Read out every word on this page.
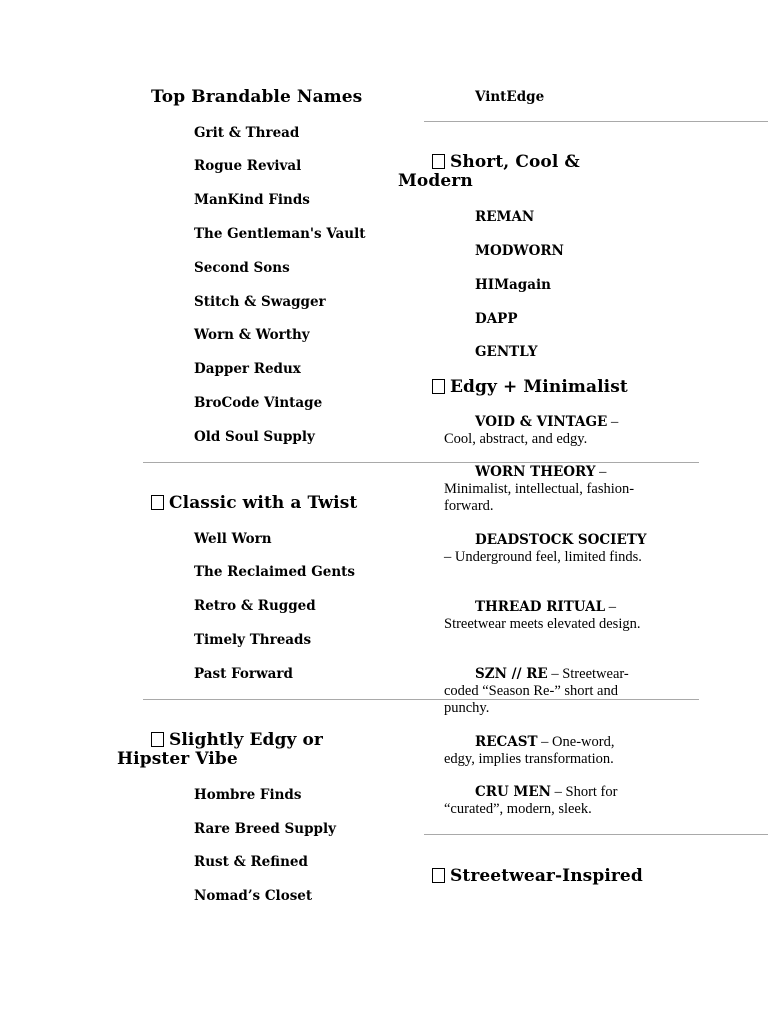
Top Brandable Names
Grit & Thread
Rogue Revival
ManKind Finds
The Gentleman's Vault
Second Sons
Stitch & Swagger
Worn & Worthy
Dapper Redux
BroCode Vintage
Old Soul Supply
Classic with a Twist
Well Worn
The Reclaimed Gents
Retro & Rugged
Timely Threads
Past Forward
Slightly Edgy or
Hipster Vibe
Hombre Finds
Rare Breed Supply
Rust & Refined
Nomad’s Closet
VintEdge
Short, Cool &
Modern
REMAN
MODWORN
HIMagain
DAPP
GENTLY
Edgy + Minimalist
VOID & VINTAGE –
Cool, abstract, and edgy.
WORN THEORY –
Minimalist, intellectual, fashion-forward.
DEADSTOCK SOCIETY
– Underground feel, limited finds.
THREAD RITUAL –
Streetwear meets elevated design.
SZN // RE – Streetwear-
coded “Season Re-” short and punchy.
RECAST – One-word,
edgy, implies transformation.
CRU MEN – Short for
“curated”, modern, sleek.
Streetwear-Inspired
